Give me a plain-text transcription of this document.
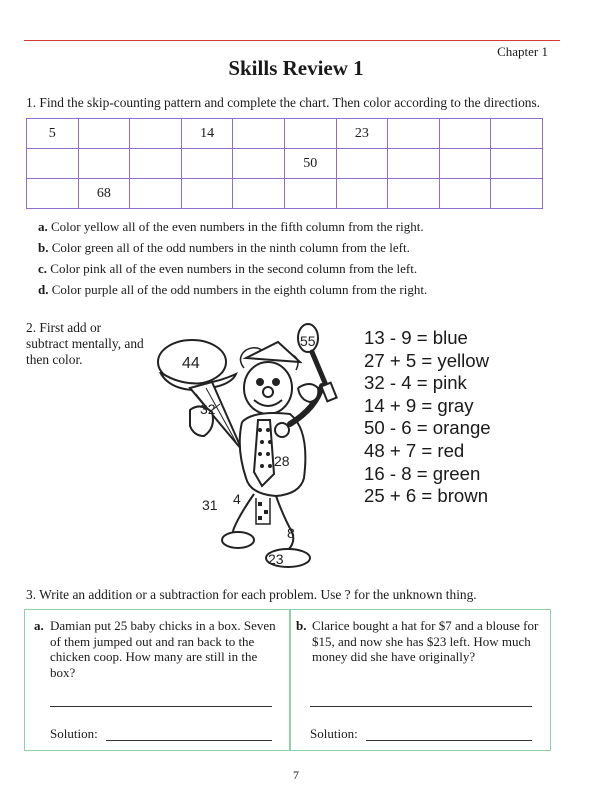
Chapter 1
Skills Review 1
1. Find the skip-counting pattern and complete the chart. Then color according to the directions.
5			14			23			
					50				
	68								
a. Color yellow all of the even numbers in the fifth column from the right.
b. Color green all of the odd numbers in the ninth column from the left.
c. Color pink all of the even numbers in the second column from the left.
d. Color purple all of the odd numbers in the eighth column from the right.
2. First add or subtract mentally, and then color.	44
55
32
28
31 4
8
23
13 - 9 = blue
27 + 5 = yellow
32 - 4 = pink
14 + 9 = gray
50 - 6 = orange
48 + 7 = red
16 - 8 = green
25 + 6 = brown
3. Write an addition or a subtraction for each problem. Use ? for the unknown thing.
a. Damian put 25 baby chicks in a box. Seven of them jumped out and ran back to the chicken coop. How many are still in the box?
Solution:
b. Clarice bought a hat for $7 and a blouse for $15, and now she has $23 left. How much money did she have originally?
Solution:
7
